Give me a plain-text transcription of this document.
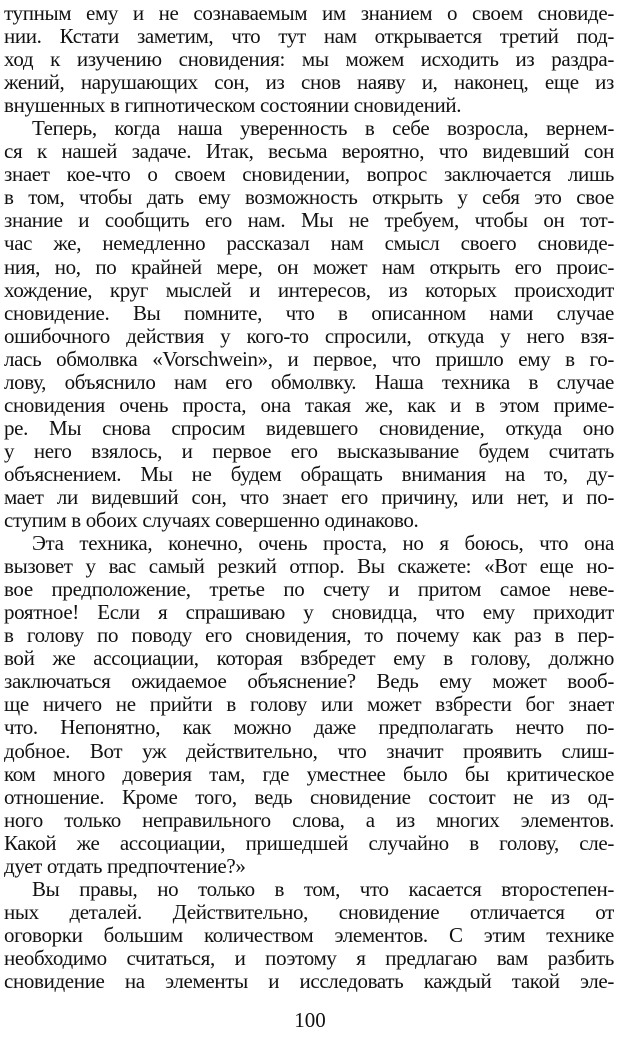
тупным ему и не сознаваемым им знанием о своем сновиде-
нии. Кстати заметим, что тут нам открывается третий под-
ход к изучению сновидения: мы можем исходить из раздра-
жений, нарушающих сон, из снов наяву и, наконец, еще из
внушенных в гипнотическом состоянии сновидений.
Теперь, когда наша уверенность в себе возросла, вернем-
ся к нашей задаче. Итак, весьма вероятно, что видевший сон
знает кое-что о своем сновидении, вопрос заключается лишь
в том, чтобы дать ему возможность открыть у себя это свое
знание и сообщить его нам. Мы не требуем, чтобы он тот-
час же, немедленно рассказал нам смысл своего сновиде-
ния, но, по крайней мере, он может нам открыть его проис-
хождение, круг мыслей и интересов, из которых происходит
сновидение. Вы помните, что в описанном нами случае
ошибочного действия у кого-то спросили, откуда у него взя-
лась обмолвка «Vorschwein», и первое, что пришло ему в го-
лову, объяснило нам его обмолвку. Наша техника в случае
сновидения очень проста, она такая же, как и в этом приме-
ре. Мы снова спросим видевшего сновидение, откуда оно
у него взялось, и первое его высказывание будем считать
объяснением. Мы не будем обращать внимания на то, ду-
мает ли видевший сон, что знает его причину, или нет, и по-
ступим в обоих случаях совершенно одинаково.
Эта техника, конечно, очень проста, но я боюсь, что она
вызовет у вас самый резкий отпор. Вы скажете: «Вот еще но-
вое предположение, третье по счету и притом самое неве-
роятное! Если я спрашиваю у сновидца, что ему приходит
в голову по поводу его сновидения, то почему как раз в пер-
вой же ассоциации, которая взбредет ему в голову, должно
заключаться ожидаемое объяснение? Ведь ему может вооб-
ще ничего не прийти в голову или может взбрести бог знает
что. Непонятно, как можно даже предполагать нечто по-
добное. Вот уж действительно, что значит проявить слиш-
ком много доверия там, где уместнее было бы критическое
отношение. Кроме того, ведь сновидение состоит не из од-
ного только неправильного слова, а из многих элементов.
Какой же ассоциации, пришедшей случайно в голову, сле-
дует отдать предпочтение?»
Вы правы, но только в том, что касается второстепен-
ных деталей. Действительно, сновидение отличается от
оговорки большим количеством элементов. С этим технике
необходимо считаться, и поэтому я предлагаю вам разбить
сновидение на элементы и исследовать каждый такой эле-
100
